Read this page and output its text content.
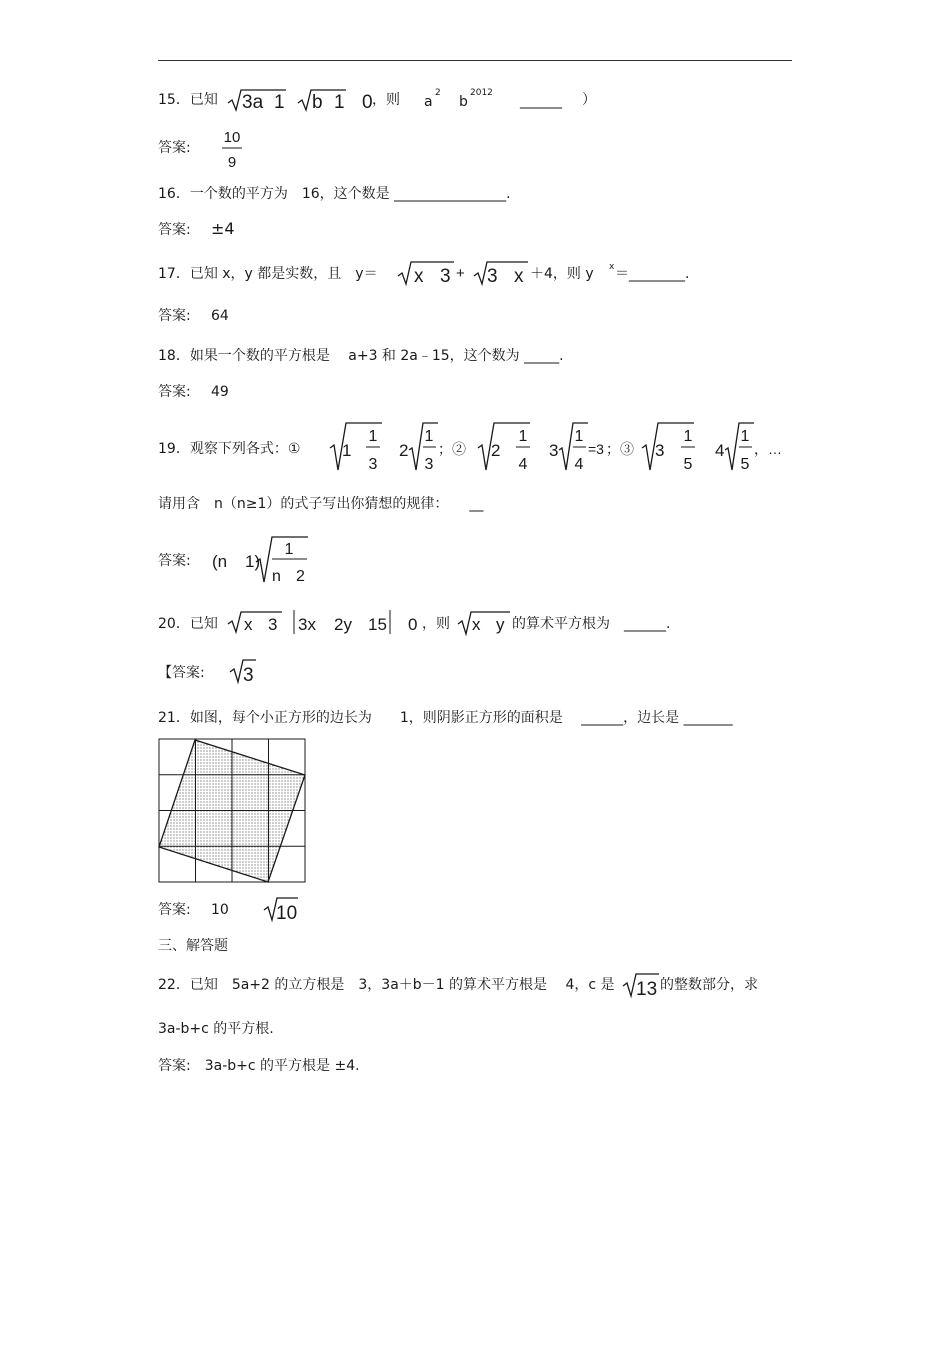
15．已知 3a 1 b 1 0 ，则 a
2
b
2012 ______ ）
答案:
10
9
16．一个数的平方为　16，这个数是 ________________.
答案: ±4
17．已知 x，y 都是实数，且　y＝ x 3 + 3 x ＋4，则 y x ＝________.
答案: 64
18．如果一个数的平方根是　 a+3 和 2a﹣15，这个数为 _____.
答案: 49
19．观察下列各式：① 1
1
3
2
1
3
；② 2
1
4
3
1
4
=3 ；③ 3
1
5
4
1
5
，…
请用含　n（n≥1）的式子写出你猜想的规律：　　__
答案: (n 1)
1
n 2
20．已知 x 3 3x 2y 15 0 ，则 x y 的算术平方根为　______.
【答案: 3
21．如图，每个小正方形的边长为　　1，则阴影正方形的面积是　 ______，边长是 _______
答案: 10 10
三、解答题
22．已知　5a+2 的立方根是　3，3a＋b－1 的算术平方根是　 4，c 是 13 的整数部分，求
3a-b+c 的平方根.
答案:　3a-b+c 的平方根是 ±4.
